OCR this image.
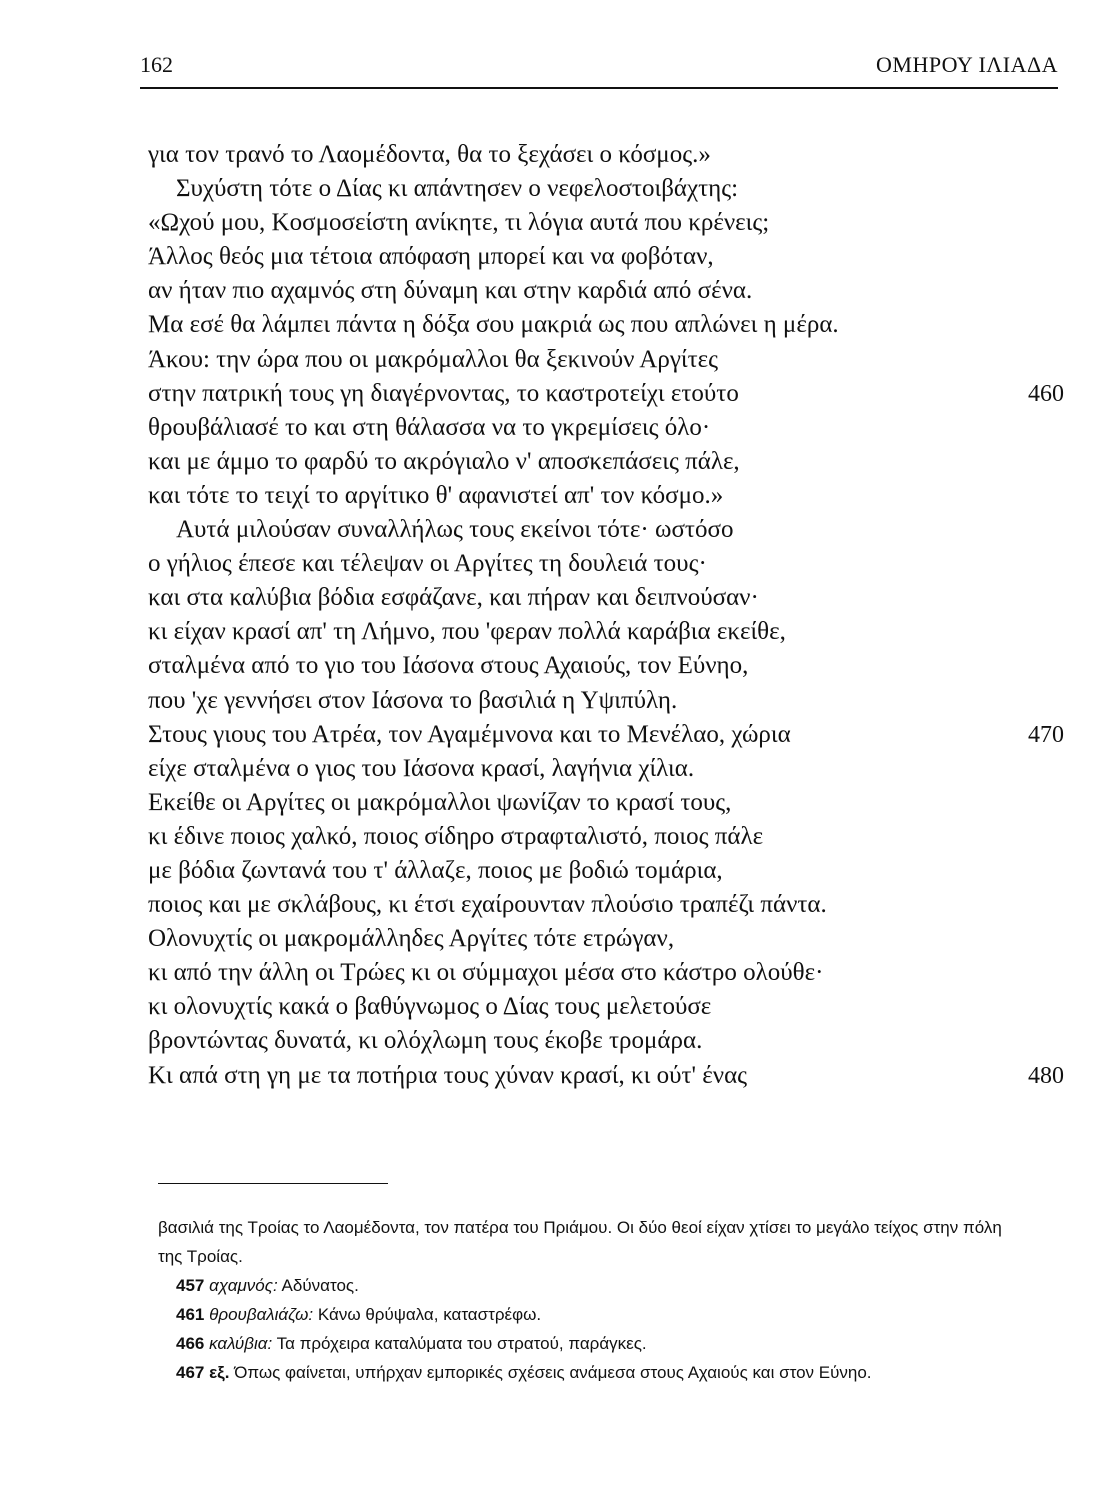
162	ΟΜΗΡΟΥ ΙΛΙΑΔΑ
για τον τρανό το Λαομέδοντα, θα το ξεχάσει ο κόσμος.»
Συχύστη τότε ο Δίας κι απάντησεν ο νεφελοστοιβάχτης:
«Ωχού μου, Κοσμοσείστη ανίκητε, τι λόγια αυτά που κρένεις;
Άλλος θεός μια τέτοια απόφαση μπορεί και να φοβόταν,
αν ήταν πιο αχαμνός στη δύναμη και στην καρδιά από σένα.
Μα εσέ θα λάμπει πάντα η δόξα σου μακριά ως που απλώνει η μέρα.
Άκου: την ώρα που οι μακρόμαλλοι θα ξεκινούν Αργίτες
στην πατρική τους γη διαγέρνοντας, το καστροτείχι ετούτο	460
θρουβάλιασέ το και στη θάλασσα να το γκρεμίσεις όλο·
και με άμμο το φαρδύ το ακρόγιαλο ν' αποσκεπάσεις πάλε,
και τότε το τειχί το αργίτικο θ' αφανιστεί απ' τον κόσμο.»
Αυτά μιλούσαν συναλλήλως τους εκείνοι τότε· ωστόσο
ο γήλιος έπεσε και τέλεψαν οι Αργίτες τη δουλειά τους·
και στα καλύβια βόδια εσφάζανε, και πήραν και δειπνούσαν·
κι είχαν κρασί απ' τη Λήμνο, που 'φεραν πολλά καράβια εκείθε,
σταλμένα από το γιο του Ιάσονα στους Αχαιούς, τον Εύνηο,
που 'χε γεννήσει στον Ιάσονα το βασιλιά η Υψιπύλη.
Στους γιους του Ατρέα, τον Αγαμέμνονα και το Μενέλαο, χώρια	470
είχε σταλμένα ο γιος του Ιάσονα κρασί, λαγήνια χίλια.
Εκείθε οι Αργίτες οι μακρόμαλλοι ψωνίζαν το κρασί τους,
κι έδινε ποιος χαλκό, ποιος σίδηρο στραφταλιστό, ποιος πάλε
με βόδια ζωντανά του τ' άλλαζε, ποιος με βοδιώ τομάρια,
ποιος και με σκλάβους, κι έτσι εχαίρουνταν πλούσιο τραπέζι πάντα.
Ολονυχτίς οι μακρομάλληδες Αργίτες τότε ετρώγαν,
κι από την άλλη οι Τρώες κι οι σύμμαχοι μέσα στο κάστρο ολούθε·
κι ολονυχτίς κακά ο βαθύγνωμος ο Δίας τους μελετούσε
βροντώντας δυνατά, κι ολόχλωμη τους έκοβε τρομάρα.
Κι απά στη γη με τα ποτήρια τους χύναν κρασί, κι ούτ' ένας	480

βασιλιά της Τροίας το Λαομέδοντα, τον πατέρα του Πριάμου. Οι δύο θεοί είχαν χτίσει το μεγάλο τείχος στην πόλη της Τροίας.

457 αχαμνός: Αδύνατος.

461 θρουβαλιάζω: Κάνω θρύψαλα, καταστρέφω.

466 καλύβια: Τα πρόχειρα καταλύματα του στρατού, παράγκες.

467 εξ. Όπως φαίνεται, υπήρχαν εμπορικές σχέσεις ανάμεσα στους Αχαιούς και στον Εύνηο.
